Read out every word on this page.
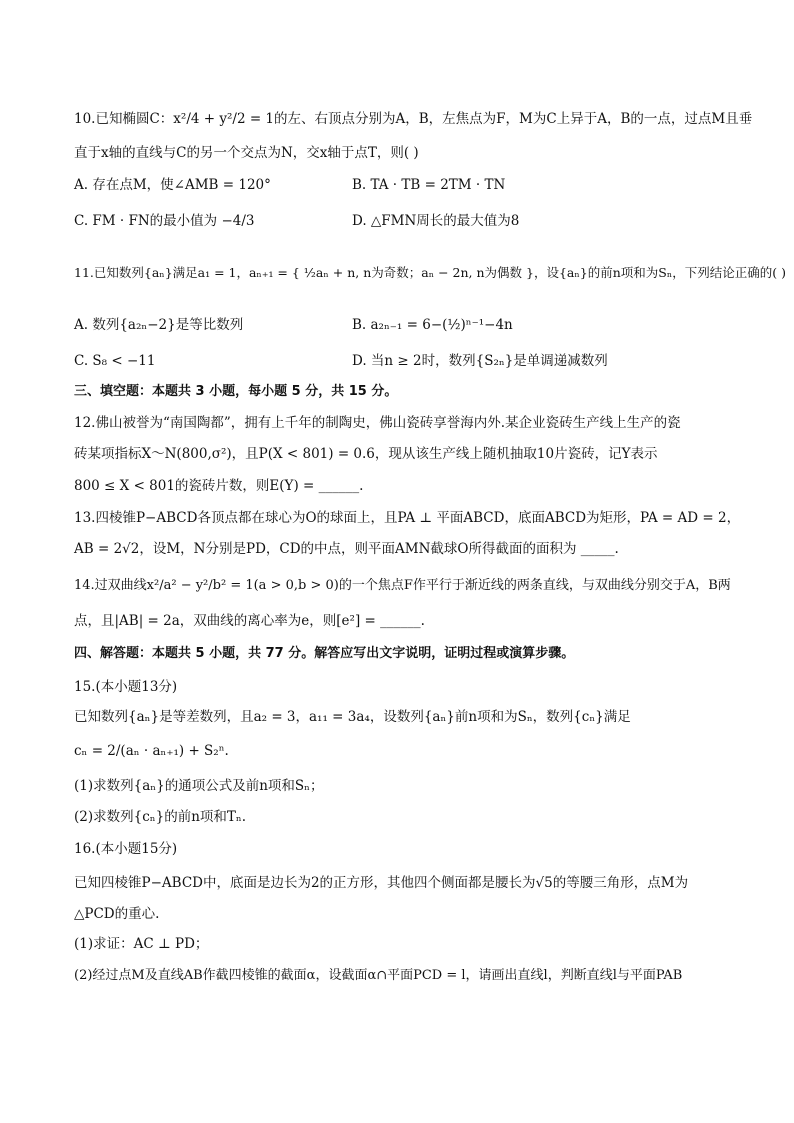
10.已知椭圆C：x²/4 + y²/2 = 1的左、右顶点分别为A，B，左焦点为F，M为C上异于A，B的一点，过点M且垂
直于x轴的直线与C的另一个交点为N，交x轴于点T，则( )
A. 存在点M，使∠AMB = 120°	B. TA · TB = 2TM · TN
C. FM · FN的最小值为 −4/3	D. △FMN周长的最大值为8
11.已知数列{aₙ}满足a₁ = 1，aₙ₊₁ = { ½aₙ + n, n为奇数；aₙ − 2n, n为偶数 }，设{aₙ}的前n项和为Sₙ，下列结论正确的( )
A. 数列{a₂ₙ−2}是等比数列	B. a₂ₙ₋₁ = 6−(½)ⁿ⁻¹−4n
C. S₈ < −11	D. 当n ≥ 2时，数列{S₂ₙ}是单调递减数列
三、填空题：本题共 3 小题，每小题 5 分，共 15 分。
12.佛山被誉为“南国陶都”，拥有上千年的制陶史，佛山瓷砖享誉海内外.某企业瓷砖生产线上生产的瓷
砖某项指标X～N(800,σ²)，且P(X < 801) = 0.6，现从该生产线上随机抽取10片瓷砖，记Y表示
800 ≤ X < 801的瓷砖片数，则E(Y) = ______.
13.四棱锥P−ABCD各顶点都在球心为O的球面上，且PA ⊥ 平面ABCD，底面ABCD为矩形，PA = AD = 2，
AB = 2√2，设M，N分别是PD，CD的中点，则平面AMN截球O所得截面的面积为 _____.
14.过双曲线x²/a² − y²/b² = 1(a > 0,b > 0)的一个焦点F作平行于渐近线的两条直线，与双曲线分别交于A，B两
点，且|AB| = 2a，双曲线的离心率为e，则[e²] = ______.
四、解答题：本题共 5 小题，共 77 分。解答应写出文字说明，证明过程或演算步骤。
15.(本小题13分)
已知数列{aₙ}是等差数列，且a₂ = 3，a₁₁ = 3a₄，设数列{aₙ}前n项和为Sₙ，数列{cₙ}满足
cₙ = 2/(aₙ · aₙ₊₁) + S₂ⁿ.
(1)求数列{aₙ}的通项公式及前n项和Sₙ；
(2)求数列{cₙ}的前n项和Tₙ.
16.(本小题15分)
已知四棱锥P−ABCD中，底面是边长为2的正方形，其他四个侧面都是腰长为√5的等腰三角形，点M为
△PCD的重心.
(1)求证：AC ⊥ PD；
(2)经过点M及直线AB作截四棱锥的截面α，设截面α∩平面PCD = l，请画出直线l，判断直线l与平面PAB
